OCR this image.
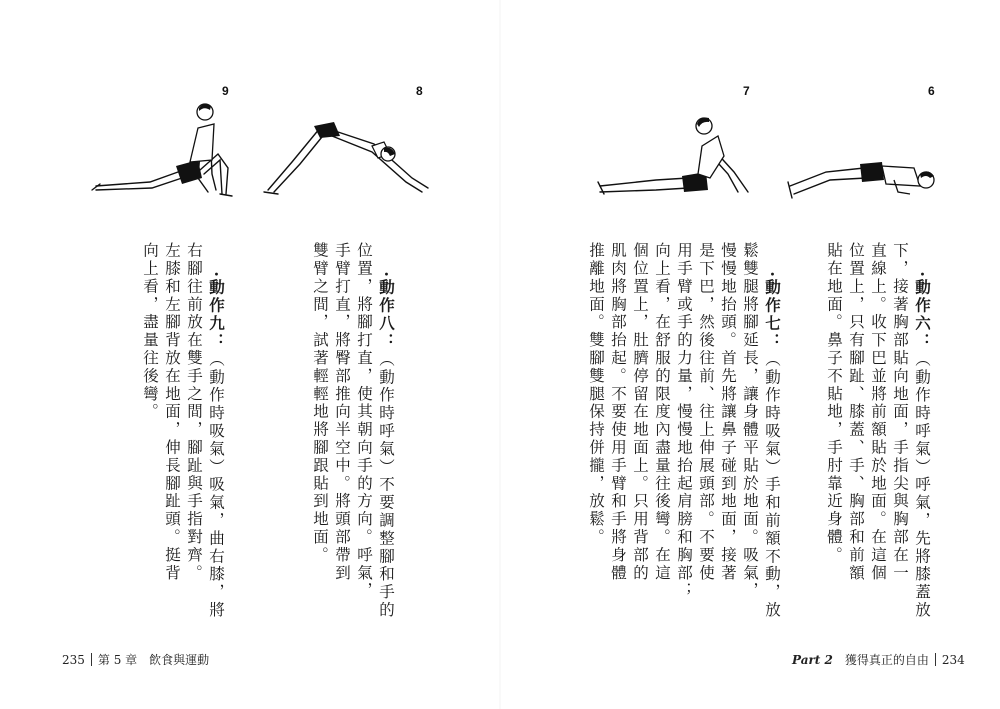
9	8	7	6

·動作九：（動作時吸氣）吸氣，曲右膝，將
右腳往前放在雙手之間，腳趾與手指對齊。
左膝和左腳背放在地面，伸長腳趾頭。挺背
向上看，盡量往後彎。
	·動作八：（動作時呼氣）不要調整腳和手的
位置，將腳打直，使其朝向手的方向。呼氣，
手臂打直，將臀部推向半空中。將頭部帶到
雙臂之間，試著輕輕地將腳跟貼到地面。
	·動作七：（動作時吸氣）手和前額不動，放
鬆雙腿將腳延長，讓身體平貼於地面。吸氣，
慢慢地抬頭。首先將讓鼻子碰到地面，接著
是下巴，然後往前、往上伸展頭部。不要使
用手臂或手的力量，慢慢地抬起肩膀和胸部；
向上看，在舒服的限度內盡量往後彎。在這
個位置上，肚臍停留在地面上。只用背部的
肌肉將胸部抬起。不要使用手臂和手將身體
推離地面。雙腳雙腿保持併攏，放鬆。
	·動作六：（動作時呼氣）呼氣，先將膝蓋放
下，接著胸部貼向地面，手指尖與胸部在一
直線上。收下巴並將前額貼於地面。在這個
位置上，只有腳趾、膝蓋、手、胸部和前額
貼在地面。鼻子不貼地，手肘靠近身體。

235 第 5 章 飲食與運動	Part 2 獲得真正的自由 234
